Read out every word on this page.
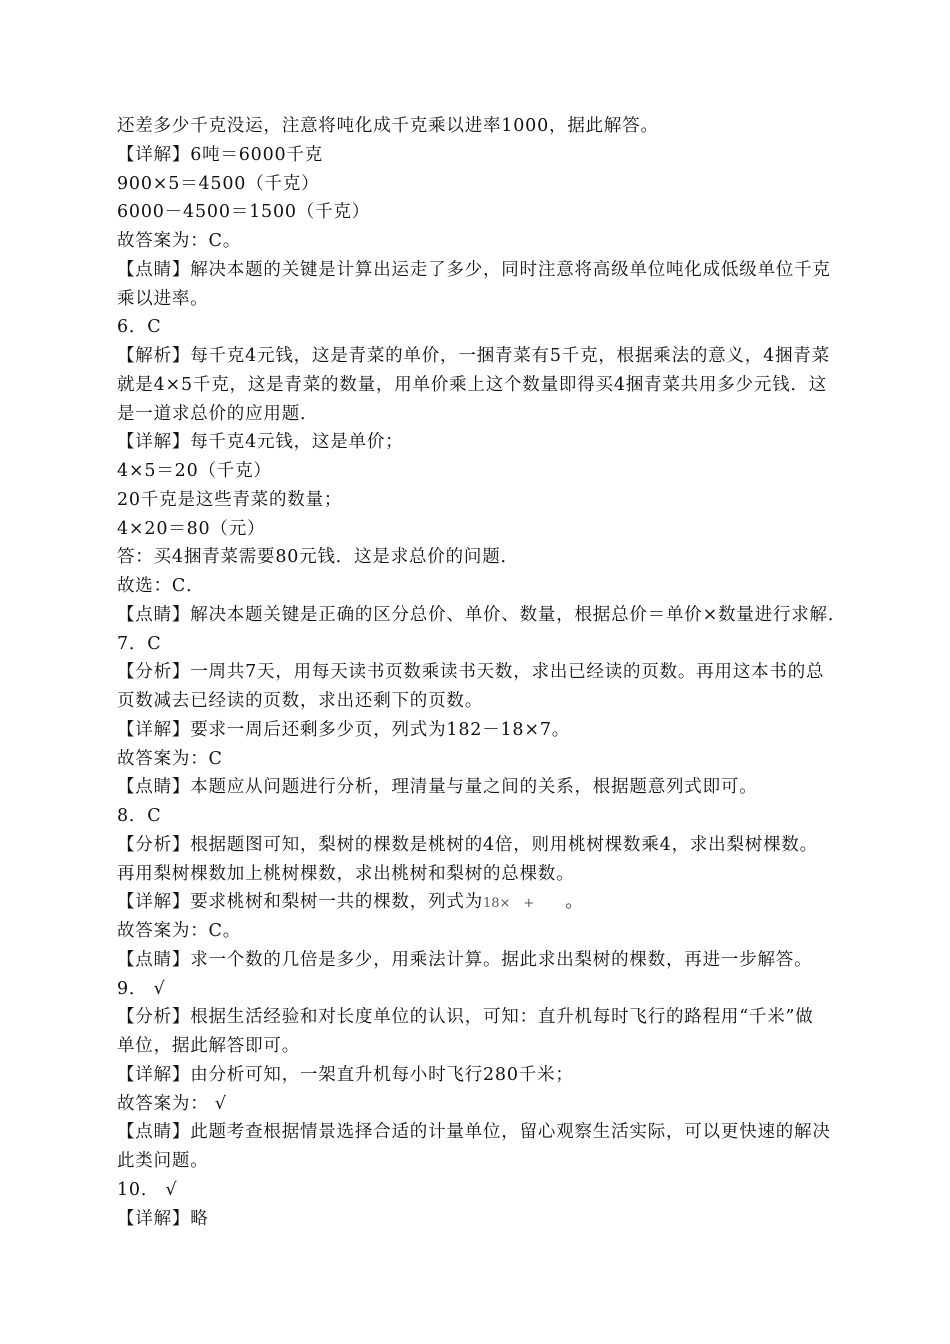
还差多少千克没运，注意将吨化成千克乘以进率1000，据此解答。
【详解】6吨＝6000千克
900×5＝4500（千克）
6000－4500＝1500（千克）
故答案为：C。
【点睛】解决本题的关键是计算出运走了多少，同时注意将高级单位吨化成低级单位千克
乘以进率。
6．C
【解析】每千克4元钱，这是青菜的单价，一捆青菜有5千克，根据乘法的意义，4捆青菜
就是4×5千克，这是青菜的数量，用单价乘上这个数量即得买4捆青菜共用多少元钱．这
是一道求总价的应用题．
【详解】每千克4元钱，这是单价；
4×5＝20（千克）
20千克是这些青菜的数量；
4×20＝80（元）
答：买4捆青菜需要80元钱．这是求总价的问题．
故选：C．
【点睛】解决本题关键是正确的区分总价、单价、数量，根据总价＝单价×数量进行求解．
7．C
【分析】一周共7天，用每天读书页数乘读书天数，求出已经读的页数。再用这本书的总
页数减去已经读的页数，求出还剩下的页数。
【详解】要求一周后还剩多少页，列式为182－18×7。
故答案为：C
【点睛】本题应从问题进行分析，理清量与量之间的关系，根据题意列式即可。
8．C
【分析】根据题图可知，梨树的棵数是桃树的4倍，则用桃树棵数乘4，求出梨树棵数。
再用梨树棵数加上桃树棵数，求出桃树和梨树的总棵数。
【详解】要求桃树和梨树一共的棵数，列式为18×　+　。
故答案为：C。
【点睛】求一个数的几倍是多少，用乘法计算。据此求出梨树的棵数，再进一步解答。
9． √
【分析】根据生活经验和对长度单位的认识，可知：直升机每时飞行的路程用“千米”做
单位，据此解答即可。
【详解】由分析可知，一架直升机每小时飞行280千米；
故答案为： √
【点睛】此题考查根据情景选择合适的计量单位，留心观察生活实际，可以更快速的解决
此类问题。
10． √
【详解】略
